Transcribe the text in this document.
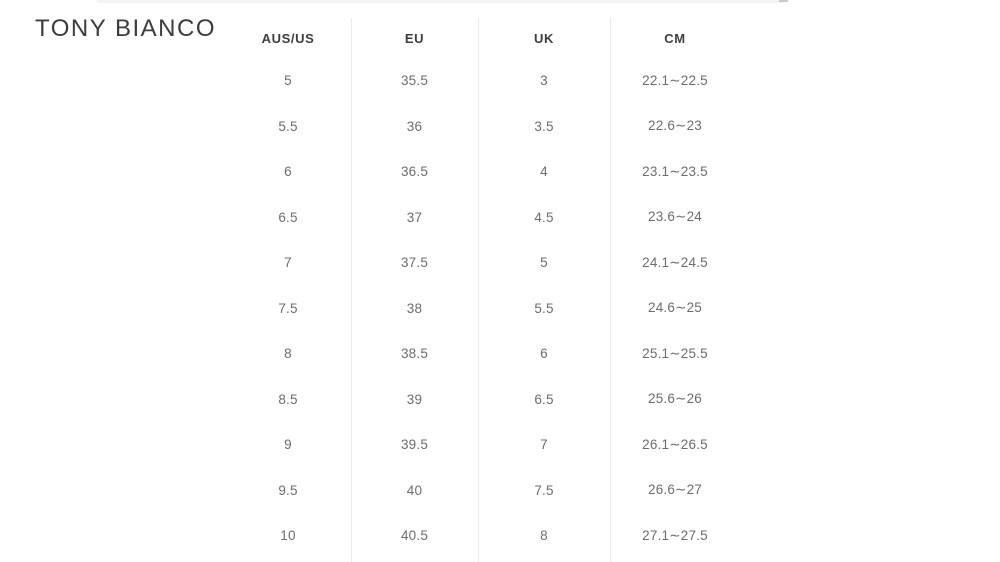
TONY BIANCO	AUS/US	EU	UK	CM
5	35.5	3	22.1∼22.5
5.5	36	3.5	22.6∼23
6	36.5	4	23.1∼23.5
6.5	37	4.5	23.6∼24
7	37.5	5	24.1∼24.5
7.5	38	5.5	24.6∼25
8	38.5	6	25.1∼25.5
8.5	39	6.5	25.6∼26
9	39.5	7	26.1∼26.5
9.5	40	7.5	26.6∼27
10	40.5	8	27.1∼27.5
